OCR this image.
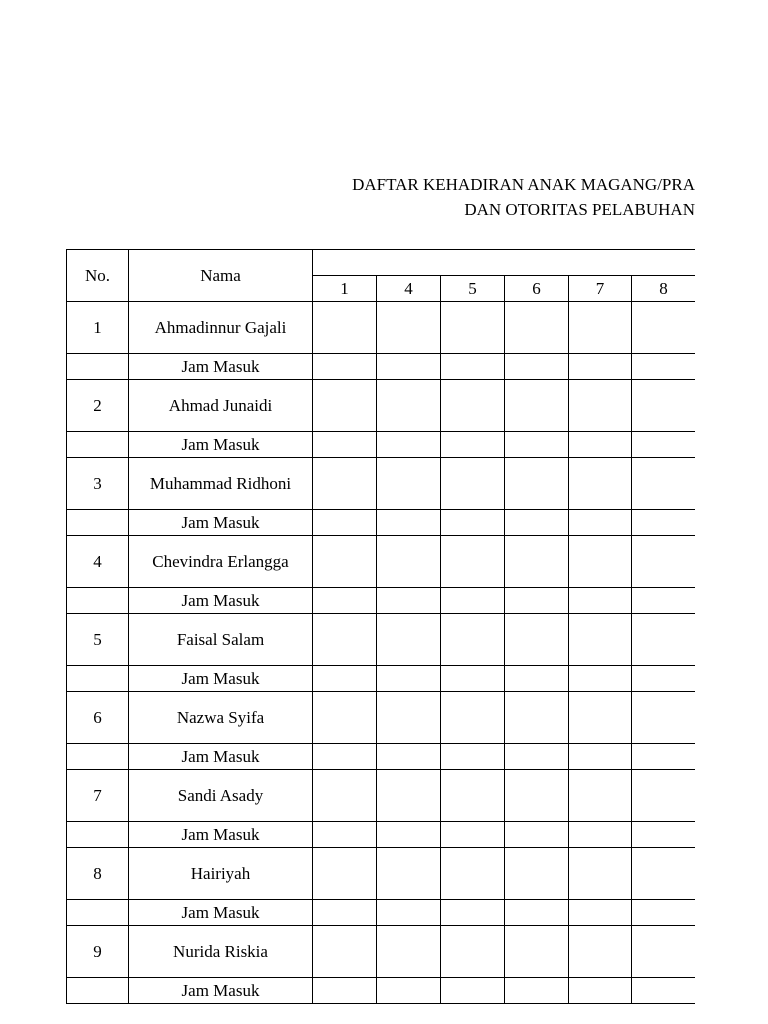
DAFTAR KEHADIRAN ANAK MAGANG/PRA
DAN OTORITAS PELABUHAN
No.	Nama							
		1	4	5	6	7	8	
1	Ahmadinnur Gajali							
	Jam Masuk							
2	Ahmad Junaidi							
	Jam Masuk							
3	Muhammad Ridhoni							
	Jam Masuk							
4	Chevindra Erlangga							
	Jam Masuk							
5	Faisal Salam							
	Jam Masuk							
6	Nazwa Syifa							
	Jam Masuk							
7	Sandi Asady							
	Jam Masuk							
8	Hairiyah							
	Jam Masuk							
9	Nurida Riskia							
	Jam Masuk							
